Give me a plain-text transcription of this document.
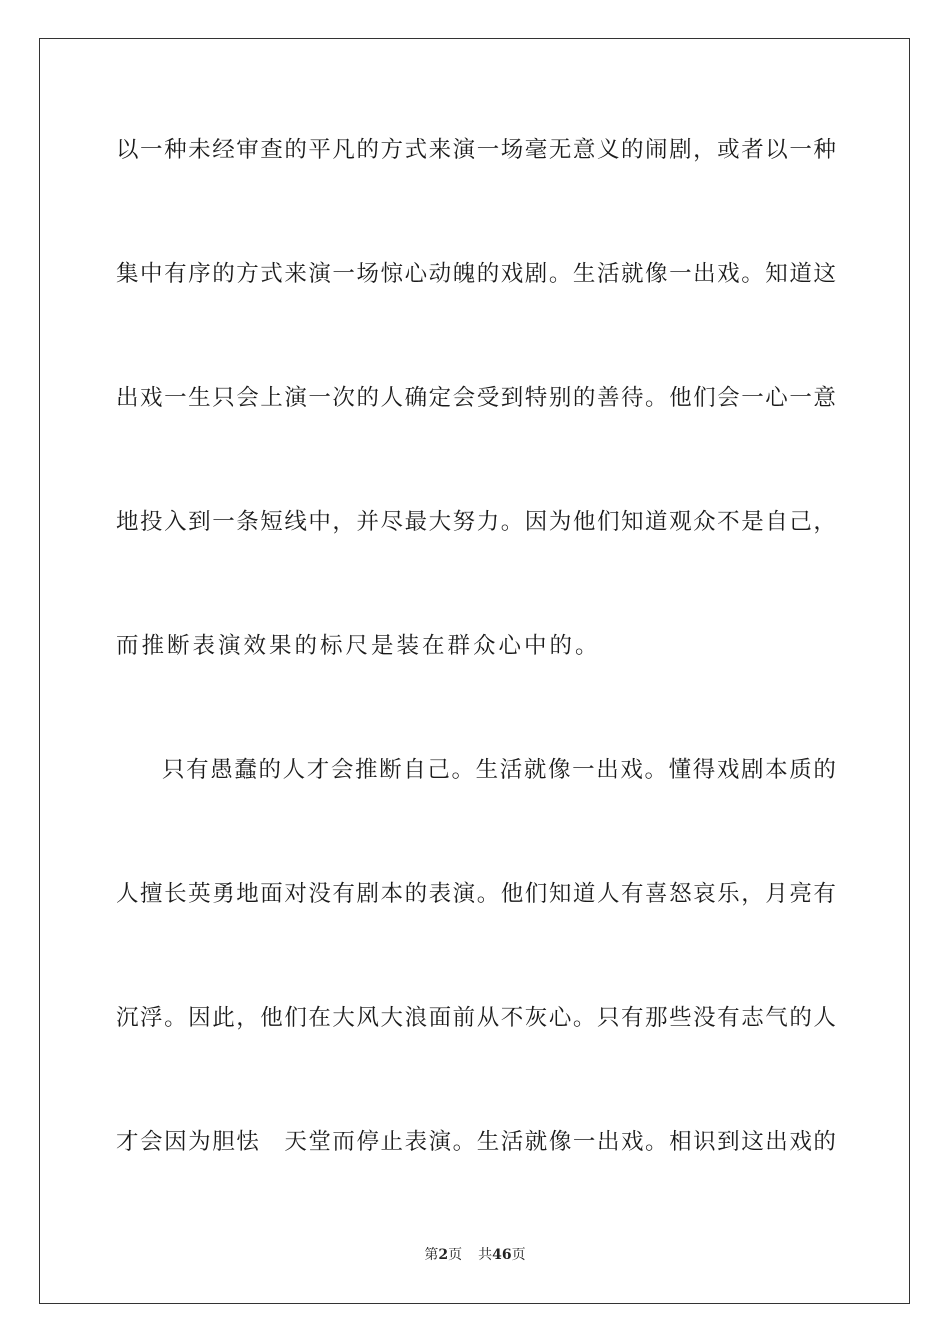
以 一 种 未 经 审 查 的 平 凡 的 方 式 来 演 一 场 毫 无 意 义 的 闹 剧 ， 或 者 以 一 种
集 中 有 序 的 方 式 来 演 一 场 惊 心 动 魄 的 戏 剧 。 生 活 就 像 一 出 戏 。 知 道 这
出 戏 一 生 只 会 上 演 一 次 的 人 确 定 会 受 到 特 别 的 善 待 。 他 们 会 一 心 一 意
地 投 入 到 一 条 短 线 中 ， 并 尽 最 大 努 力 。 因 为 他 们 知 道 观 众 不 是 自 己 ，
而推断表演效果的标尺是装在群众心中的。
只 有 愚 蠢 的 人 才 会 推 断 自 己 。 生 活 就 像 一 出 戏 。 懂 得 戏 剧 本 质 的
人 擅 长 英 勇 地 面 对 没 有 剧 本 的 表 演 。 他 们 知 道 人 有 喜 怒 哀 乐 ， 月 亮 有
沉 浮 。 因 此 ， 他 们 在 大 风 大 浪 面 前 从 不 灰 心 。 只 有 那 些 没 有 志 气 的 人
才 会 因 为 胆 怯
　 天 堂 而 停 止 表 演 。 生 活 就 像 一 出 戏 。 相 识 到 这 出 戏 的
第2页 共46页
